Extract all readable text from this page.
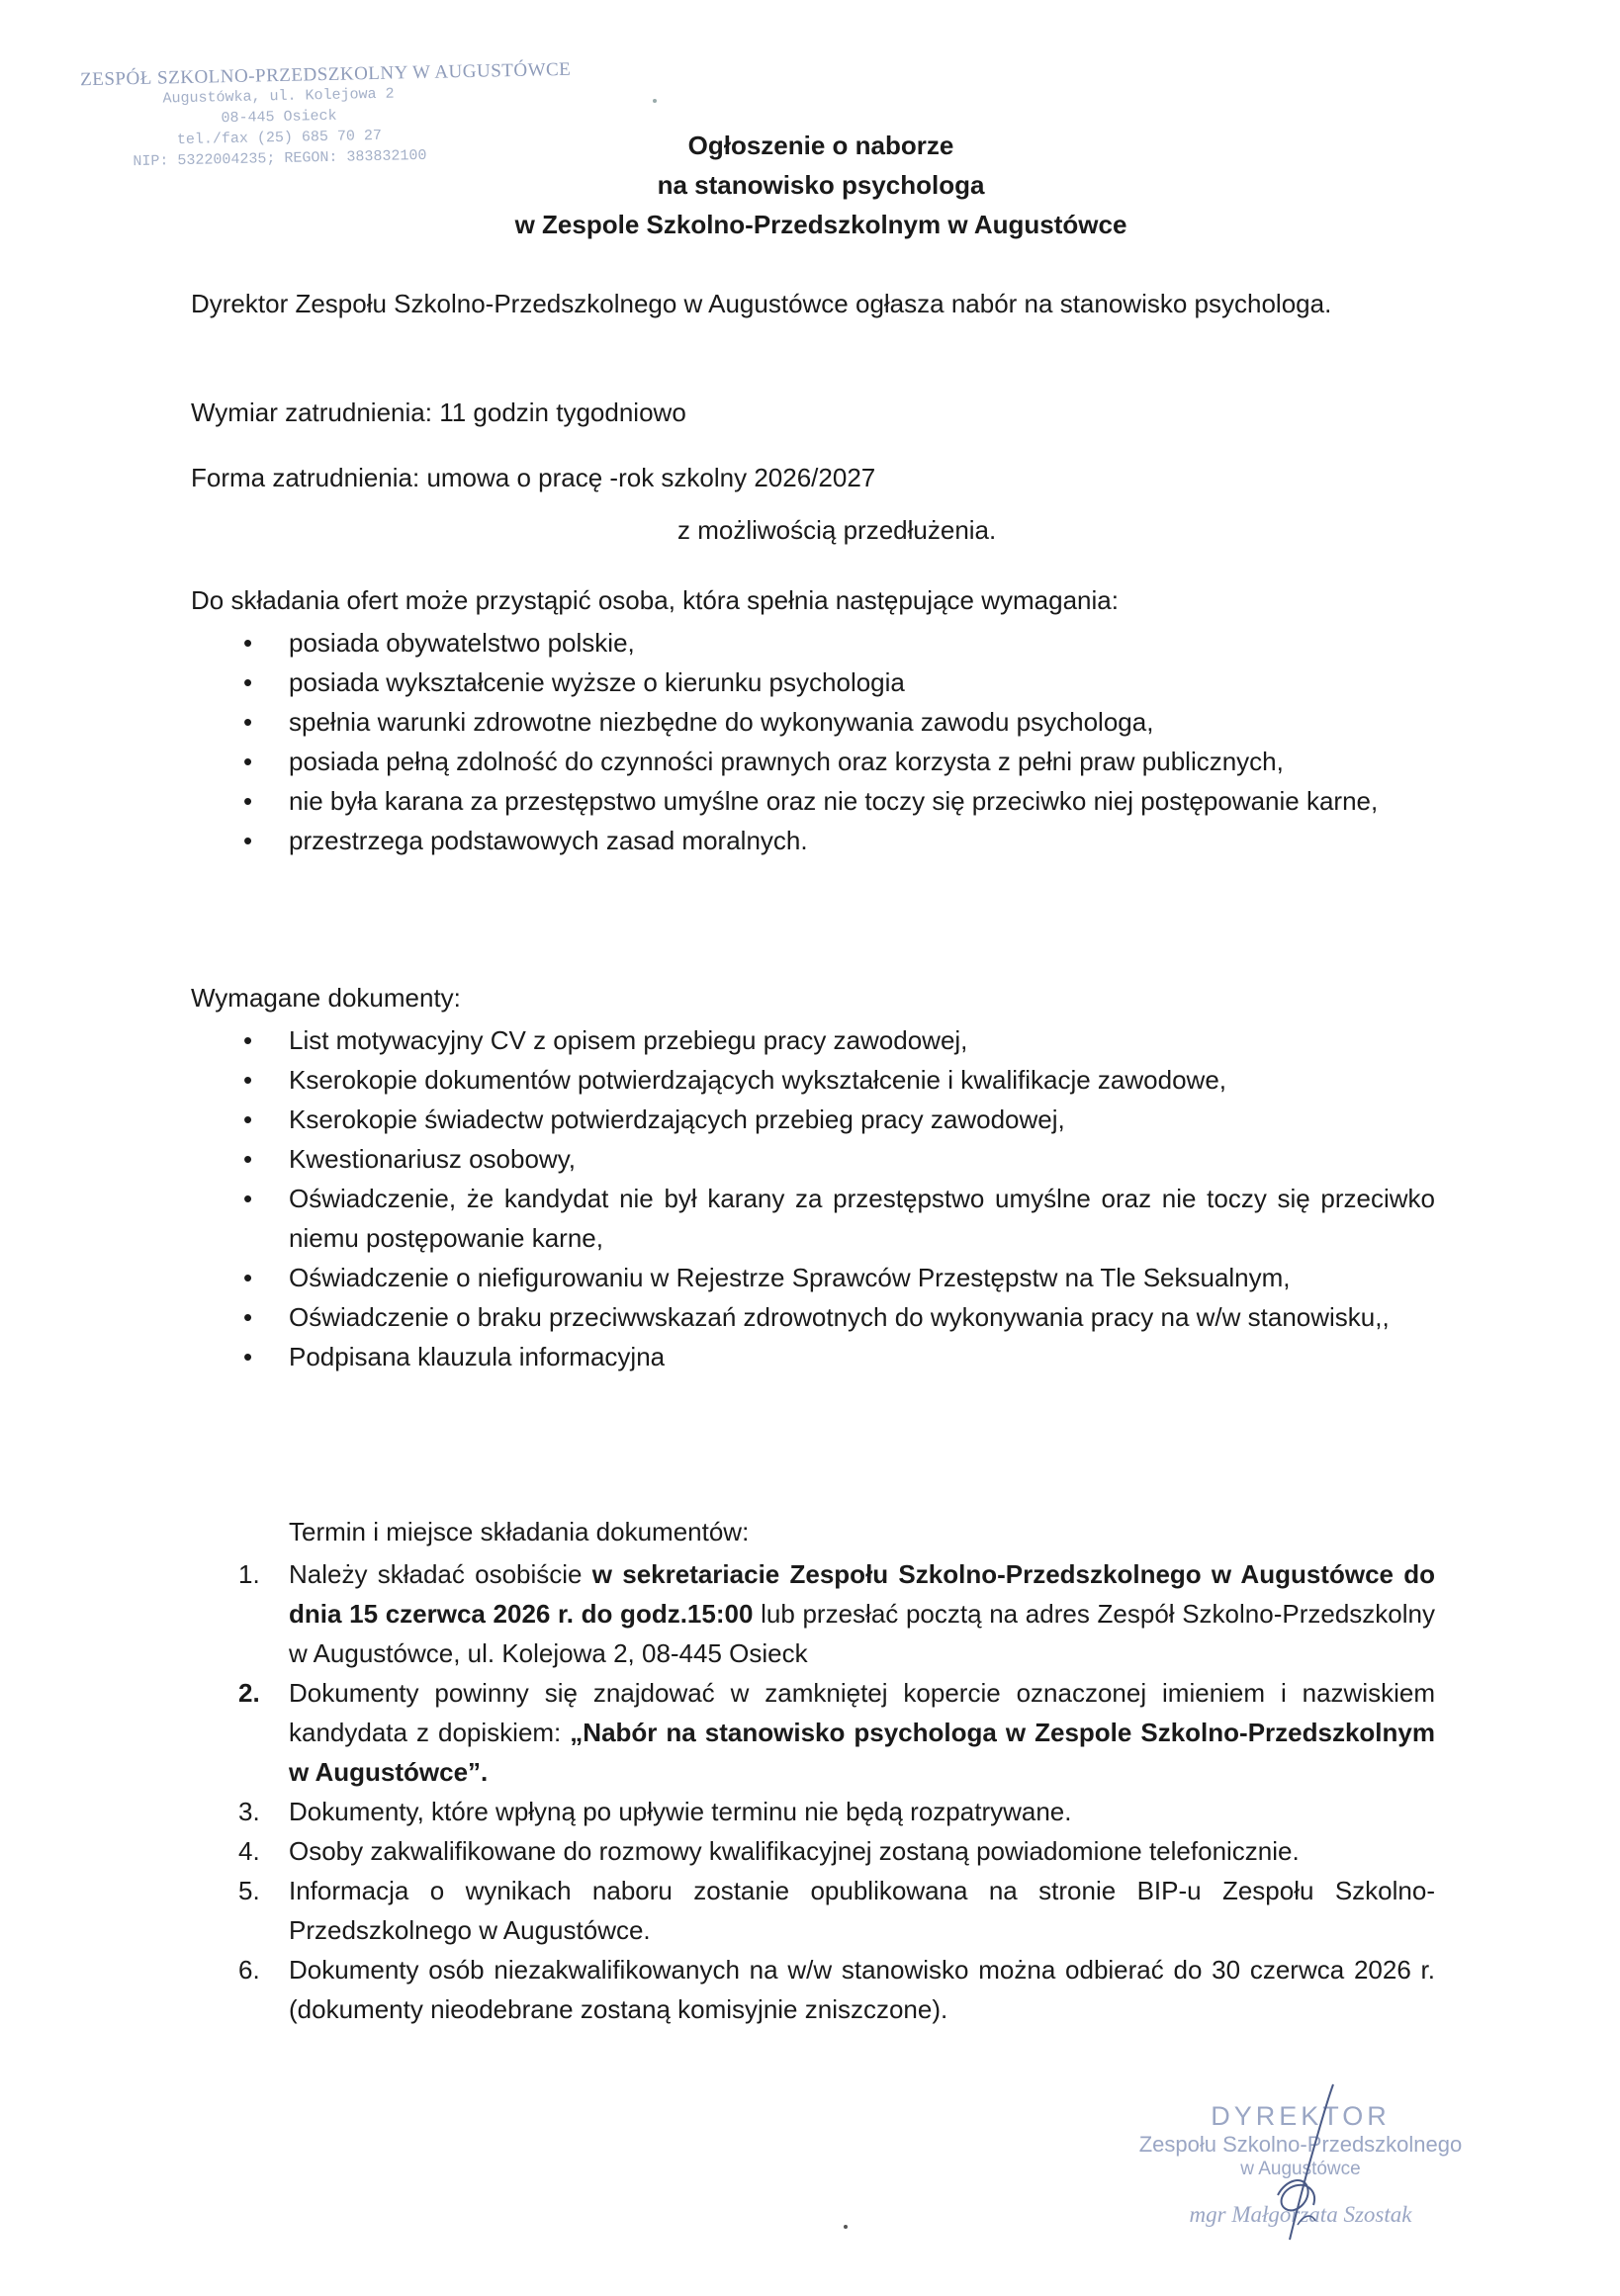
ZESPÓŁ SZKOLNO-PRZEDSZKOLNY W AUGUSTÓWCE
Augustówka, ul. Kolejowa 2
08-445 Osieck
tel./fax (25) 685 70 27
NIP: 5322004235; REGON: 383832100	Ogłoszenie o naborze
na stanowisko psychologa
w Zespole Szkolno-Przedszkolnym w Augustówce

Dyrektor Zespołu Szkolno-Przedszkolnego w Augustówce ogłasza nabór na stanowisko psychologa.

Wymiar zatrudnienia: 11 godzin tygodniowo

Forma zatrudnienia: umowa o pracę -rok szkolny 2026/2027

z możliwością przedłużenia.

Do składania ofert może przystąpić osoba, która spełnia następujące wymagania:

• posiada obywatelstwo polskie,
• posiada wykształcenie wyższe o kierunku psychologia
• spełnia warunki zdrowotne niezbędne do wykonywania zawodu psychologa,
• posiada pełną zdolność do czynności prawnych oraz korzysta z pełni praw publicznych,
• nie była karana za przestępstwo umyślne oraz nie toczy się przeciwko niej postępowanie karne,
• przestrzega podstawowych zasad moralnych.

Wymagane dokumenty:

• List motywacyjny CV z opisem przebiegu pracy zawodowej,
• Kserokopie dokumentów potwierdzających wykształcenie i kwalifikacje zawodowe,
• Kserokopie świadectw potwierdzających przebieg pracy zawodowej,
• Kwestionariusz osobowy,
• Oświadczenie, że kandydat nie był karany za przestępstwo umyślne oraz nie toczy się przeciwko niemu postępowanie karne,
• Oświadczenie o niefigurowaniu w Rejestrze Sprawców Przestępstw na Tle Seksualnym,
• Oświadczenie o braku przeciwwskazań zdrowotnych do wykonywania pracy na w/w stanowisku,,
• Podpisana klauzula informacyjna

Termin i miejsce składania dokumentów:

1. Należy składać osobiście w sekretariacie Zespołu Szkolno-Przedszkolnego w Augustówce do dnia 15 czerwca 2026 r. do godz.15:00 lub przesłać pocztą na adres Zespół Szkolno-Przedszkolny w Augustówce, ul. Kolejowa 2, 08-445 Osieck
2. Dokumenty powinny się znajdować w zamkniętej kopercie oznaczonej imieniem i nazwiskiem kandydata z dopiskiem: „Nabór na stanowisko psychologa w Zespole Szkolno-Przedszkolnym w Augustówce”.
3. Dokumenty, które wpłyną po upływie terminu nie będą rozpatrywane.
4. Osoby zakwalifikowane do rozmowy kwalifikacyjnej zostaną powiadomione telefonicznie.
5. Informacja o wynikach naboru zostanie opublikowana na stronie BIP-u Zespołu Szkolno-Przedszkolnego w Augustówce.
6. Dokumenty osób niezakwalifikowanych na w/w stanowisko można odbierać do 30 czerwca 2026 r. (dokumenty nieodebrane zostaną komisyjnie zniszczone).
DYREKTOR
Zespołu Szkolno-Przedszkolnego
w Augustówce
mgr Małgorzata Szostak
